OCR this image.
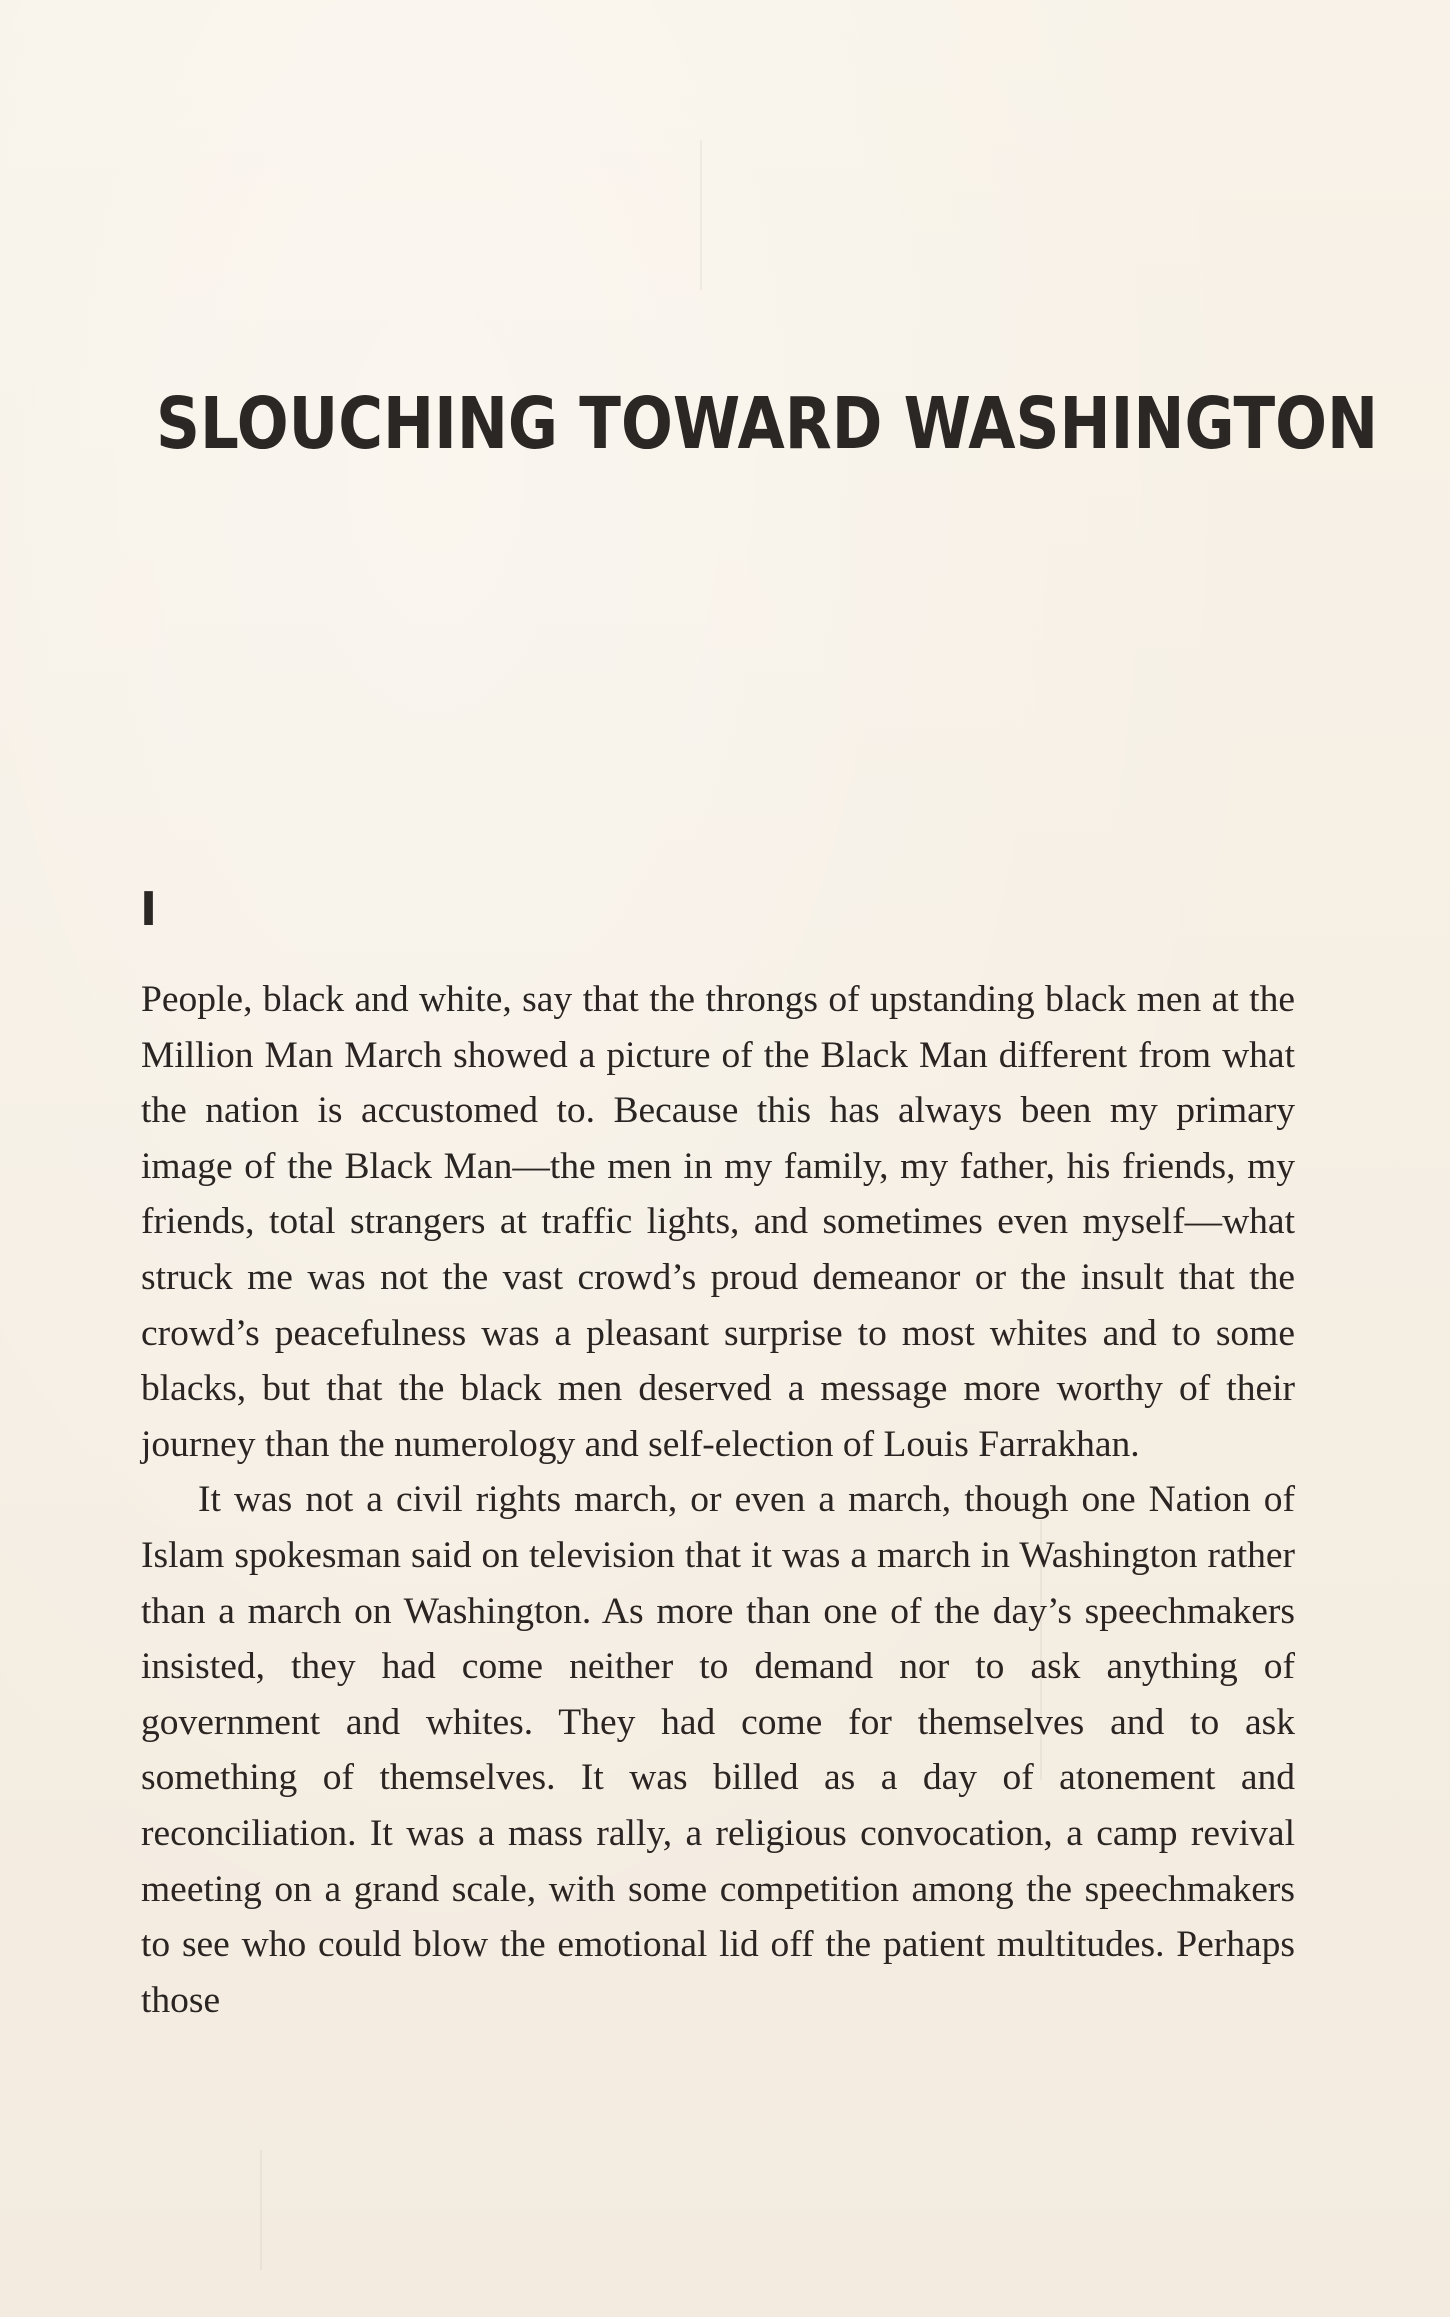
SLOUCHING TOWARD WASHINGTON
I

People, black and white, say that the throngs of upstanding black men at the Million Man March showed a picture of the Black Man different from what the nation is accustomed to. Because this has always been my primary image of the Black Man—the men in my family, my father, his friends, my friends, total strangers at traffic lights, and sometimes even myself—what struck me was not the vast crowd’s proud demeanor or the insult that the crowd’s peacefulness was a pleasant surprise to most whites and to some blacks, but that the black men deserved a message more worthy of their journey than the numerology and self-election of Louis Farrakhan.

It was not a civil rights march, or even a march, though one Nation of Islam spokesman said on television that it was a march in Washington rather than a march on Washington. As more than one of the day’s speechmakers insisted, they had come neither to demand nor to ask anything of government and whites. They had come for themselves and to ask something of themselves. It was billed as a day of atonement and reconciliation. It was a mass rally, a religious convocation, a camp revival meeting on a grand scale, with some competition among the speechmakers to see who could blow the emotional lid off the patient multitudes. Perhaps those
